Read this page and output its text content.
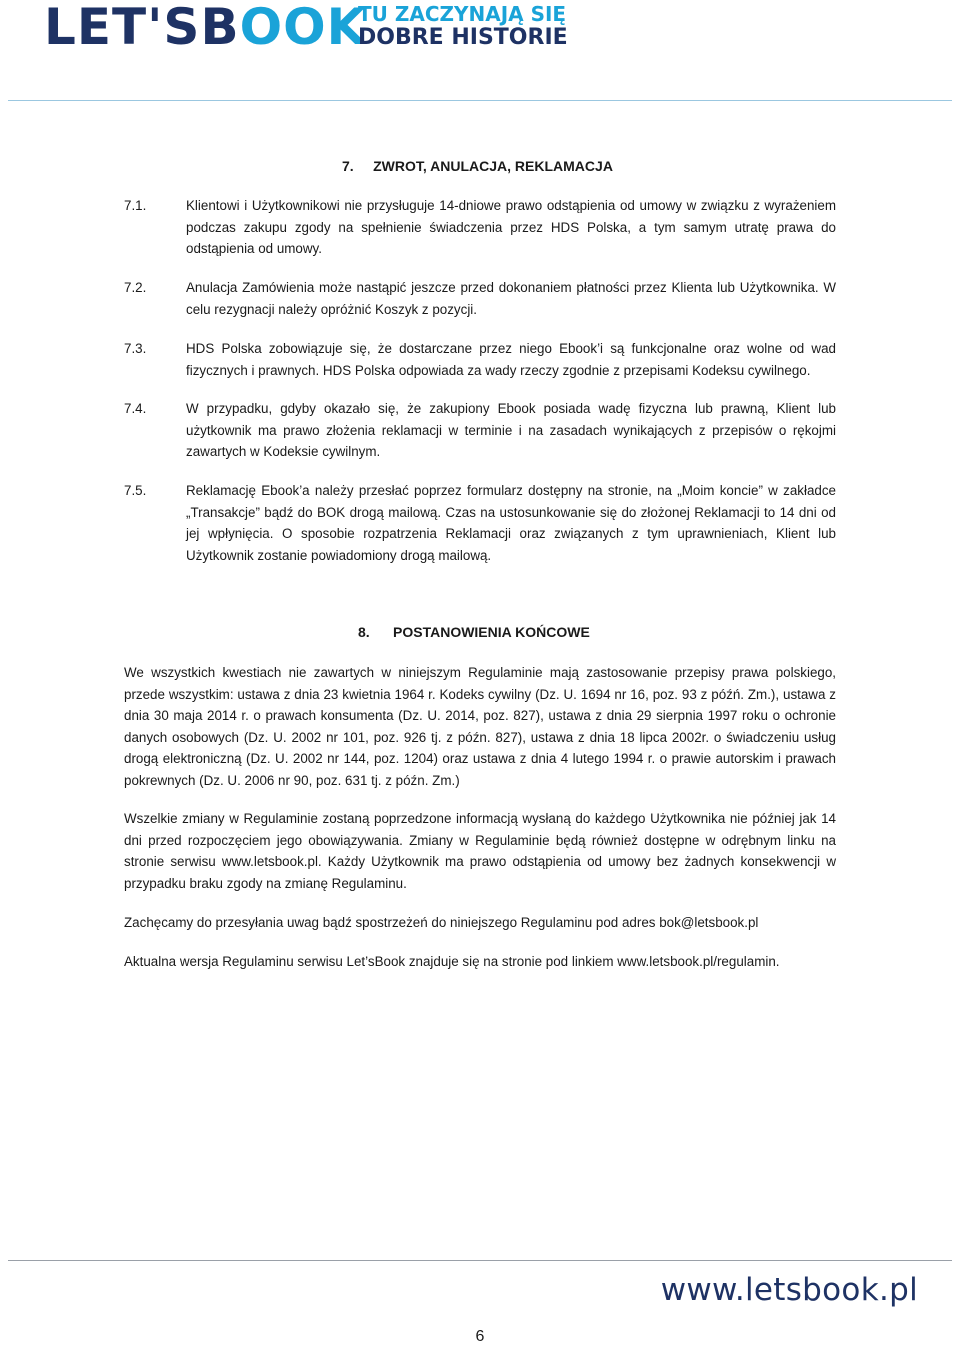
LET'SBOOK
TU ZACZYNAJĄ SIĘ
DOBRE HISTORIE
7.     ZWROT, ANULACJA, REKLAMACJA
7.1.	Klientowi i Użytkownikowi nie przysługuje 14-dniowe prawo odstąpienia od umowy w związku z wyrażeniem podczas zakupu zgody na spełnienie świadczenia przez HDS Polska, a tym samym utratę prawa do odstąpienia od umowy.
7.2.	Anulacja Zamówienia może nastąpić jeszcze przed dokonaniem płatności przez Klienta lub Użytkownika. W celu rezygnacji należy opróżnić Koszyk z pozycji.
7.3.	HDS Polska zobowiązuje się, że dostarczane przez niego Ebook’i są funkcjonalne oraz wolne od wad fizycznych i prawnych. HDS Polska odpowiada za wady rzeczy zgodnie z przepisami Kodeksu cywilnego.
7.4.	W przypadku, gdyby okazało się, że zakupiony Ebook posiada wadę fizyczna lub prawną, Klient lub użytkownik ma prawo złożenia reklamacji w terminie i na zasadach wynikających z przepisów o rękojmi zawartych w Kodeksie cywilnym.
7.5.	Reklamację Ebook’a należy przesłać poprzez formularz dostępny na stronie, na „Moim koncie” w zakładce „Transakcje” bądź do BOK drogą mailową. Czas na ustosunkowanie się do złożonej Reklamacji to 14 dni od jej wpłynięcia. O sposobie rozpatrzenia Reklamacji oraz związanych z tym uprawnieniach, Klient lub Użytkownik zostanie powiadomiony drogą mailową.
8.      POSTANOWIENIA KOŃCOWE
We wszystkich kwestiach nie zawartych w niniejszym Regulaminie mają zastosowanie przepisy prawa polskiego, przede wszystkim: ustawa z dnia 23 kwietnia 1964 r. Kodeks cywilny (Dz. U. 1694 nr 16, poz. 93 z późń. Zm.), ustawa z dnia 30 maja 2014 r. o prawach konsumenta (Dz. U. 2014, poz. 827), ustawa z dnia 29 sierpnia 1997 roku o ochronie danych osobowych (Dz. U. 2002 nr 101, poz. 926 tj. z późn. 827), ustawa z dnia 18 lipca 2002r. o świadczeniu usług drogą elektroniczną (Dz. U. 2002 nr 144, poz. 1204) oraz ustawa z dnia 4 lutego 1994 r. o prawie autorskim i prawach pokrewnych (Dz. U. 2006 nr 90, poz. 631 tj. z późn. Zm.)
Wszelkie zmiany w Regulaminie zostaną poprzedzone informacją wysłaną do każdego Użytkownika nie później jak 14 dni przed rozpoczęciem jego obowiązywania. Zmiany w Regulaminie będą również dostępne w odrębnym linku na stronie serwisu www.letsbook.pl. Każdy Użytkownik ma prawo odstąpienia od umowy bez żadnych konsekwencji w przypadku braku zgody na zmianę Regulaminu.
Zachęcamy do przesyłania uwag bądź spostrzeżeń do niniejszego Regulaminu pod adres bok@letsbook.pl
Aktualna wersja Regulaminu serwisu Let’sBook znajduje się na stronie pod linkiem www.letsbook.pl/regulamin.
www.letsbook.pl
6
